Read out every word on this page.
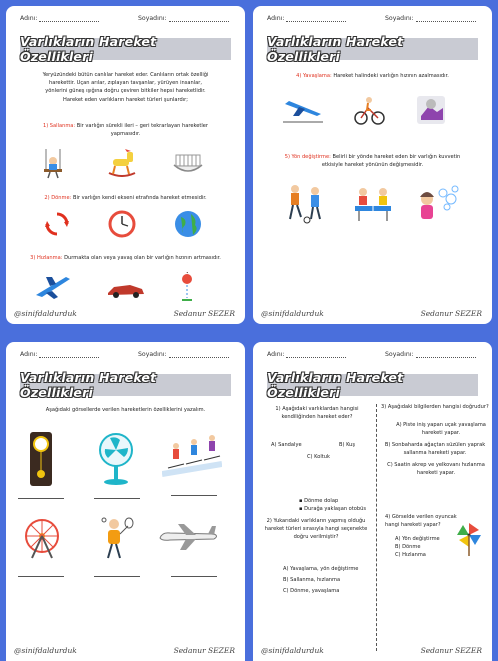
Adını:	Soyadını:
Varlıkların Hareket Özellikleri
Yeryüzündeki bütün canlılar hareket eder. Canlıların ortak özelliği
harekettir. Uçan arılar, zıplayan tavşanlar, yürüyen insanlar,
yönlerini güneş ışığına doğru çeviren bitkiler hepsi hareketlidir.
Hareket eden varlıkların hareket türleri şunlardır;
1) Sallanma: Bir varlığın sürekli ileri – geri tekrarlayan hareketler
yapmasıdır.
2) Dönme: Bir varlığın kendi ekseni etrafında hareket etmesidir.
3) Hızlanma: Durmakta olan veya yavaş olan bir varlığın hızının artmasıdır.
@sinifdaldurduk	Sedanur SEZER
Adını:	Soyadını:
Varlıkların Hareket Özellikleri
4) Yavaşlama: Hareket halindeki varlığın hızının azalmasıdır.
5) Yön değiştirme: Belirli bir yönde hareket eden bir varlığın kuvvetin
etkisiyle hareket yönünün değişmesidir.
@sinifdaldurduk	Sedanur SEZER
Adını:	Soyadını:
Varlıkların Hareket Özellikleri
Aşağıdaki görsellerde verilen hareketlerin özelliklerini yazalım.
@sinifdaldurduk	Sedanur SEZER
Adını:	Soyadını:
Varlıkların Hareket Özellikleri
1) Aşağıdaki varlıklardan hangisi
kendiliğinden hareket eder?
A) Sandalye	B) Kuş
C) Koltuk
▪ Dönme dolap
▪ Durağa yaklaşan otobüs
2) Yukarıdaki varlıkların yapmış olduğu
hareket türleri sırasıyla hangi seçenekte
doğru verilmiştir?
A) Yavaşlama, yön değiştirme
B) Sallanma, hızlanma
C) Dönme, yavaşlama
3) Aşağıdaki bilgilerden hangisi doğrudur?
A) Piste iniş yapan uçak yavaşlama
hareketi yapar.
B) Sonbaharda ağaçtan süzülen yaprak
sallanma hareketi yapar.
C) Saatin akrep ve yelkovanı hızlanma
hareketi yapar.
4) Görselde verilen oyuncak
hangi hareketi yapar?
A) Yön değiştirme
B) Dönme
C) Hızlanma
@sinifdaldurduk	Sedanur SEZER
